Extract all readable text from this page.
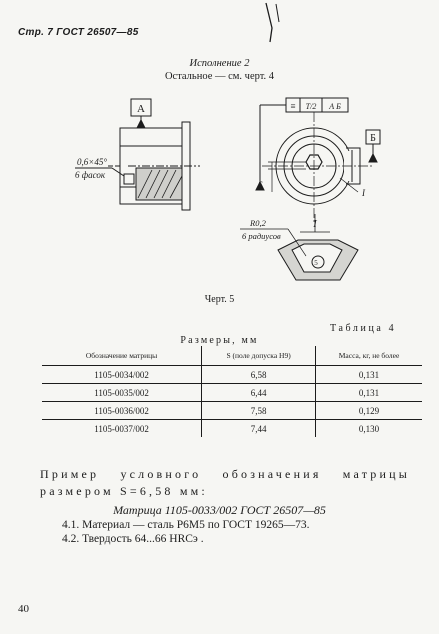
Стр. 7 ГОСТ 26507—85
Исполнение 2
Остальное — см. черт. 4
А
Б
≡ Т/2 А Б
0,6×45°
6 фасок
S
I
I
R0,2
6 радиусов
5
Черт. 5
Таблица 4
Размеры, мм
Обозначение матрицы	S (поле допуска Н9)	Масса, кг, не более
1105-0034/002	6,58	0,131
1105-0035/002	6,44	0,131
1105-0036/002	7,58	0,129
1105-0037/002	7,44	0,130
Пример условного обозначения матрицы размером S=6,58 мм:
Матрица 1105-0033/002 ГОСТ 26507—85
4.1. Материал — сталь Р6М5 по ГОСТ 19265—73.
4.2. Твердость 64...66 HRCэ .
40
